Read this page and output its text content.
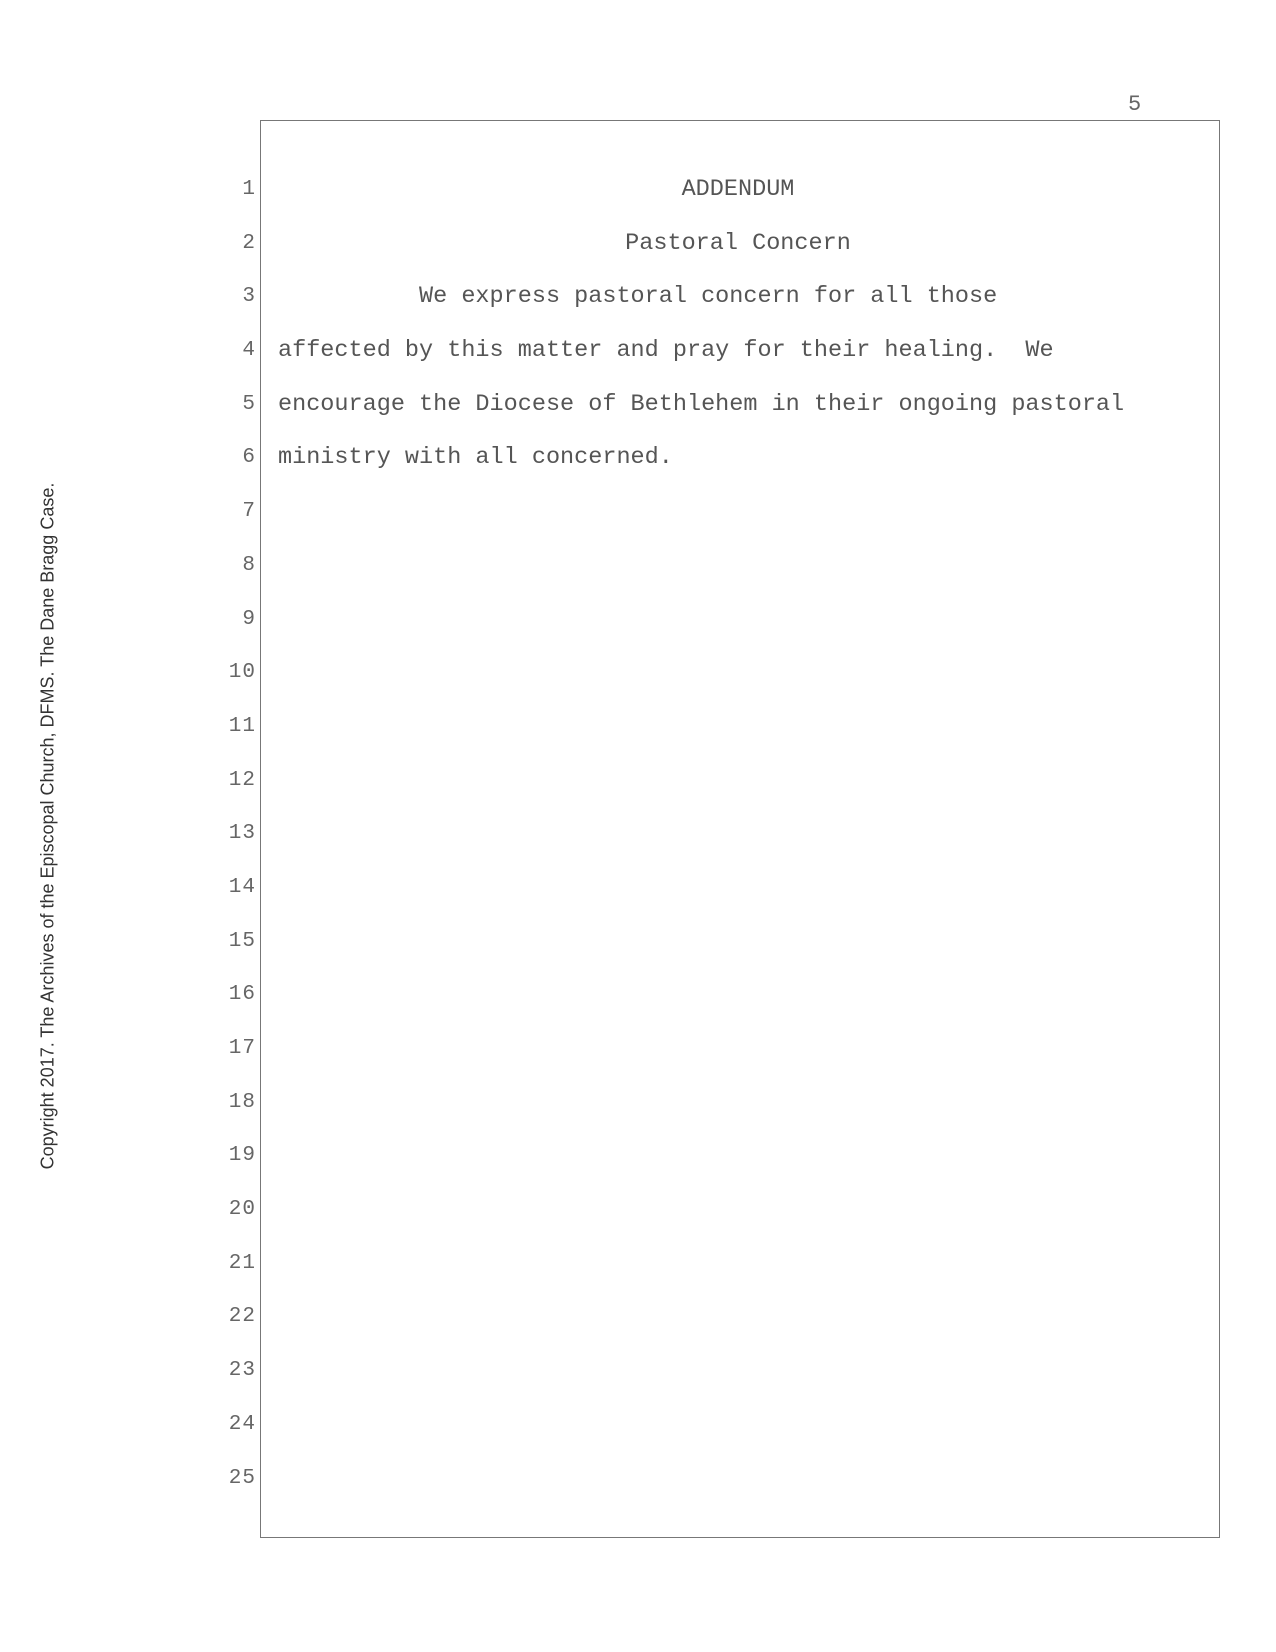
Copyright 2017. The Archives of the Episcopal Church, DFMS. The Dane Bragg Case.
5
1
2
3
4
5
6
7
8
9
10
11
12
13
14
15
16
17
18
19
20
21
22
23
24
25
ADDENDUM
Pastoral Concern
We express pastoral concern for all those
affected by this matter and pray for their healing.  We
encourage the Diocese of Bethlehem in their ongoing pastoral
ministry with all concerned.
